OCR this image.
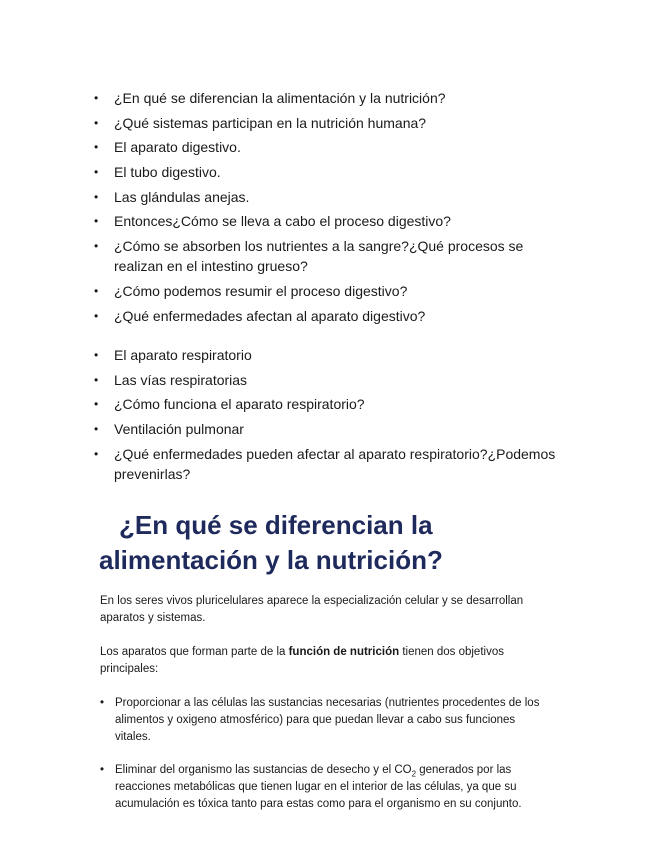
• ¿En qué se diferencian la alimentación y la nutrición?
• ¿Qué sistemas participan en la nutrición humana?
• El aparato digestivo.
• El tubo digestivo.
• Las glándulas anejas.
• Entonces¿Cómo se lleva a cabo el proceso digestivo?
• ¿Cómo se absorben los nutrientes a la sangre?¿Qué procesos se realizan en el intestino grueso?
• ¿Cómo podemos resumir el proceso digestivo?
• ¿Qué enfermedades afectan al aparato digestivo?
• El aparato respiratorio
• Las vías respiratorias
• ¿Cómo funciona el aparato respiratorio?
• Ventilación pulmonar
• ¿Qué enfermedades pueden afectar al aparato respiratorio?¿Podemos prevenirlas?
¿En qué se diferencian la
alimentación y la nutrición?

En los seres vivos pluricelulares aparece la especialización celular y se desarrollan aparatos y sistemas.

Los aparatos que forman parte de la función de nutrición tienen dos objetivos principales:

• Proporcionar a las células las sustancias necesarias (nutrientes procedentes de los alimentos y oxigeno atmosférico) para que puedan llevar a cabo sus funciones vitales.
• Eliminar del organismo las sustancias de desecho y el $CO_2$ generados por las reacciones metabólicas que tienen lugar en el interior de las células, ya que su acumulación es tóxica tanto para estas como para el organismo en su conjunto.
